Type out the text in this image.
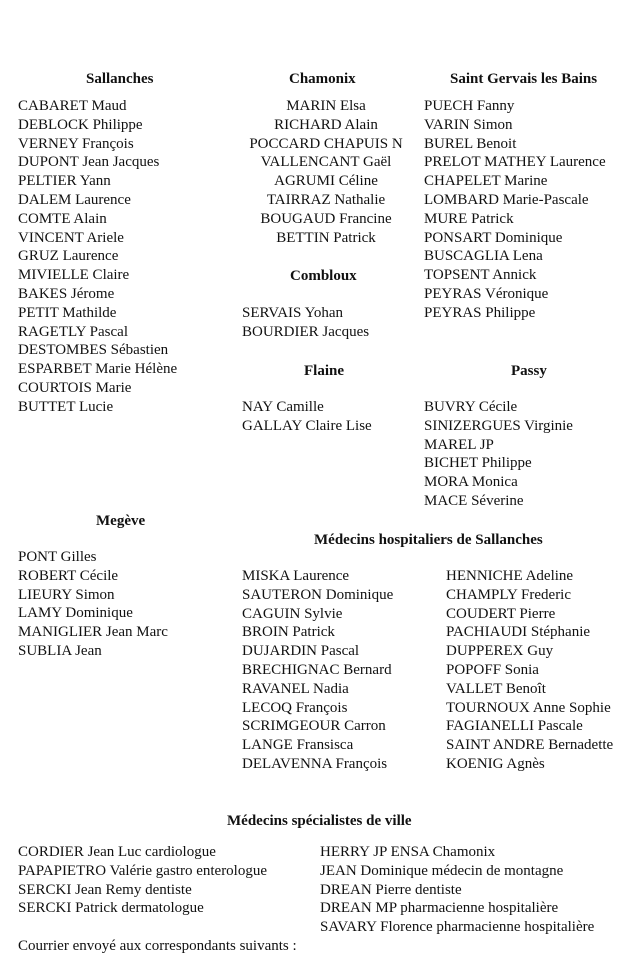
Sallanches	Chamonix	Saint Gervais les Bains
Combloux
Flaine	Passy
Megève
Médecins hospitaliers de Sallanches
Médecins spécialistes de ville
CABARET Maud
DEBLOCK Philippe
VERNEY François
DUPONT Jean Jacques
PELTIER Yann
DALEM Laurence
COMTE Alain
VINCENT Ariele
GRUZ Laurence
MIVIELLE Claire
BAKES Jérome
PETIT Mathilde
RAGETLY Pascal
DESTOMBES Sébastien
ESPARBET Marie Hélène
COURTOIS Marie
BUTTET Lucie
MARIN Elsa
RICHARD Alain
POCCARD CHAPUIS N
VALLENCANT Gaël
AGRUMI Céline
TAIRRAZ Nathalie
BOUGAUD Francine
BETTIN Patrick
PUECH Fanny
VARIN Simon
BUREL Benoit
PRELOT MATHEY Laurence
CHAPELET Marine
LOMBARD Marie-Pascale
MURE Patrick
PONSART Dominique
BUSCAGLIA Lena
TOPSENT Annick
PEYRAS Véronique
PEYRAS Philippe
SERVAIS Yohan
BOURDIER Jacques
NAY Camille
GALLAY Claire Lise
BUVRY Cécile
SINIZERGUES Virginie
MAREL JP
BICHET Philippe
MORA Monica
MACE Séverine
PONT Gilles
ROBERT Cécile
LIEURY Simon
LAMY Dominique
MANIGLIER Jean Marc
SUBLIA Jean
MISKA Laurence
SAUTERON Dominique
CAGUIN Sylvie
BROIN Patrick
DUJARDIN Pascal
BRECHIGNAC Bernard
RAVANEL Nadia
LECOQ François
SCRIMGEOUR Carron
LANGE Fransisca
DELAVENNA François
HENNICHE Adeline
CHAMPLY Frederic
COUDERT Pierre
PACHIAUDI Stéphanie
DUPPEREX Guy
POPOFF Sonia
VALLET Benoît
TOURNOUX Anne Sophie
FAGIANELLI Pascale
SAINT ANDRE Bernadette
KOENIG Agnès
CORDIER Jean Luc cardiologue
PAPAPIETRO Valérie gastro enterologue
SERCKI Jean Remy dentiste
SERCKI Patrick dermatologue
HERRY JP ENSA Chamonix
JEAN Dominique médecin de montagne
DREAN Pierre dentiste
DREAN MP pharmacienne hospitalière
SAVARY Florence pharmacienne hospitalière
Courrier envoyé aux correspondants suivants :
